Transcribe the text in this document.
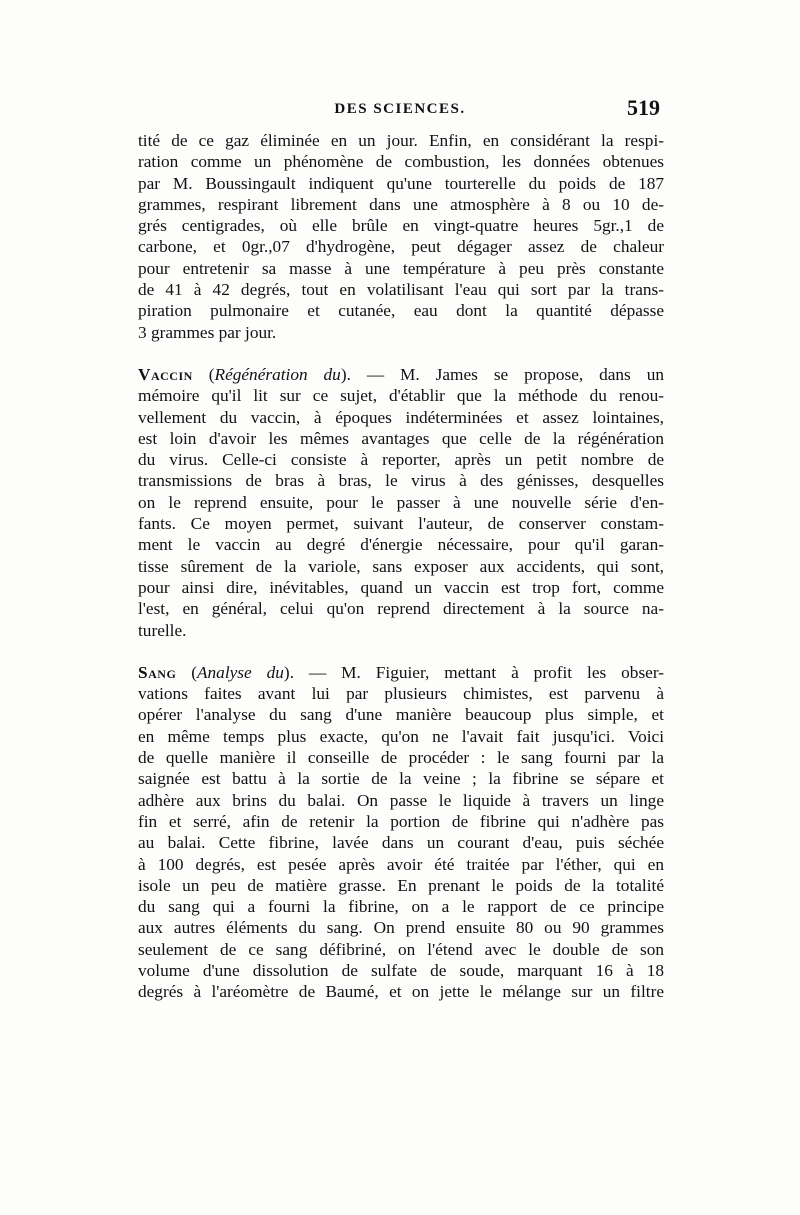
DES SCIENCES.	519
tité de ce gaz éliminée en un jour. Enfin, en considérant la respi-
ration comme un phénomène de combustion, les données obtenues
par M. Boussingault indiquent qu'une tourterelle du poids de 187
grammes, respirant librement dans une atmosphère à 8 ou 10 de-
grés centigrades, où elle brûle en vingt-quatre heures 5gr.,1 de
carbone, et 0gr.,07 d'hydrogène, peut dégager assez de chaleur
pour entretenir sa masse à une température à peu près constante
de 41 à 42 degrés, tout en volatilisant l'eau qui sort par la trans-
piration pulmonaire et cutanée, eau dont la quantité dépasse
3 grammes par jour.
Vaccin (Régénération du). — M. James se propose, dans un
mémoire qu'il lit sur ce sujet, d'établir que la méthode du renou-
vellement du vaccin, à époques indéterminées et assez lointaines,
est loin d'avoir les mêmes avantages que celle de la régénération
du virus. Celle-ci consiste à reporter, après un petit nombre de
transmissions de bras à bras, le virus à des génisses, desquelles
on le reprend ensuite, pour le passer à une nouvelle série d'en-
fants. Ce moyen permet, suivant l'auteur, de conserver constam-
ment le vaccin au degré d'énergie nécessaire, pour qu'il garan-
tisse sûrement de la variole, sans exposer aux accidents, qui sont,
pour ainsi dire, inévitables, quand un vaccin est trop fort, comme
l'est, en général, celui qu'on reprend directement à la source na-
turelle.
Sang (Analyse du). — M. Figuier, mettant à profit les obser-
vations faites avant lui par plusieurs chimistes, est parvenu à
opérer l'analyse du sang d'une manière beaucoup plus simple, et
en même temps plus exacte, qu'on ne l'avait fait jusqu'ici. Voici
de quelle manière il conseille de procéder : le sang fourni par la
saignée est battu à la sortie de la veine ; la fibrine se sépare et
adhère aux brins du balai. On passe le liquide à travers un linge
fin et serré, afin de retenir la portion de fibrine qui n'adhère pas
au balai. Cette fibrine, lavée dans un courant d'eau, puis séchée
à 100 degrés, est pesée après avoir été traitée par l'éther, qui en
isole un peu de matière grasse. En prenant le poids de la totalité
du sang qui a fourni la fibrine, on a le rapport de ce principe
aux autres éléments du sang. On prend ensuite 80 ou 90 grammes
seulement de ce sang défibriné, on l'étend avec le double de son
volume d'une dissolution de sulfate de soude, marquant 16 à 18
degrés à l'aréomètre de Baumé, et on jette le mélange sur un filtre
